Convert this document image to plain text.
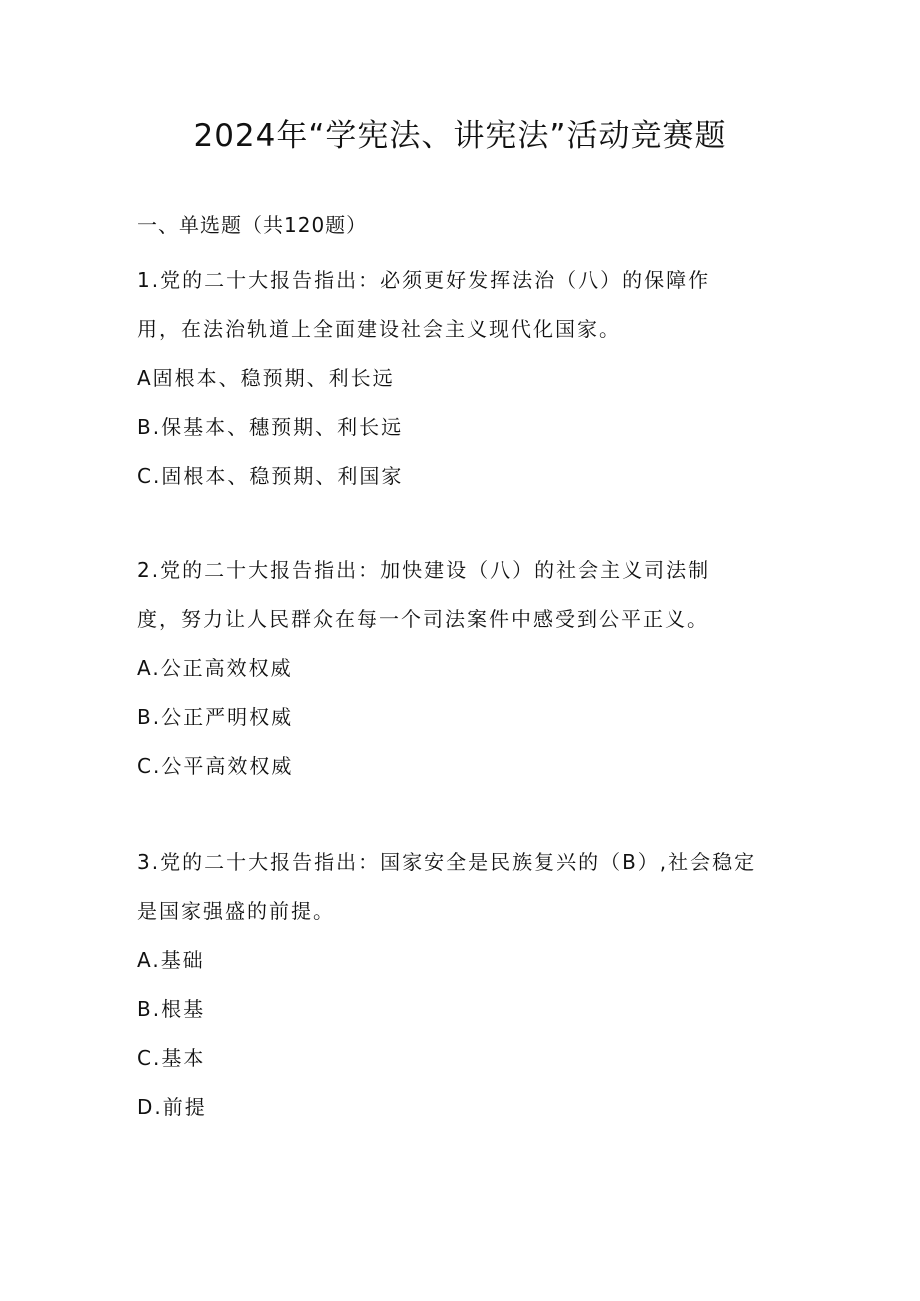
2024年“学宪法、讲宪法”活动竞赛题
一、单选题（共120题）
1.党的二十大报告指出：必须更好发挥法治（八）的保障作
用，在法治轨道上全面建设社会主义现代化国家。
A固根本、稳预期、利长远
B.保基本、穗预期、利长远
C.固根本、稳预期、利国家
2.党的二十大报告指出：加快建设（八）的社会主义司法制
度，努力让人民群众在每一个司法案件中感受到公平正义。
A.公正高效权威
B.公正严明权威
C.公平高效权威
3.党的二十大报告指出：国家安全是民族复兴的（B）,社会稳定
是国家强盛的前提。
A.基础
B.根基
C.基本
D.前提
